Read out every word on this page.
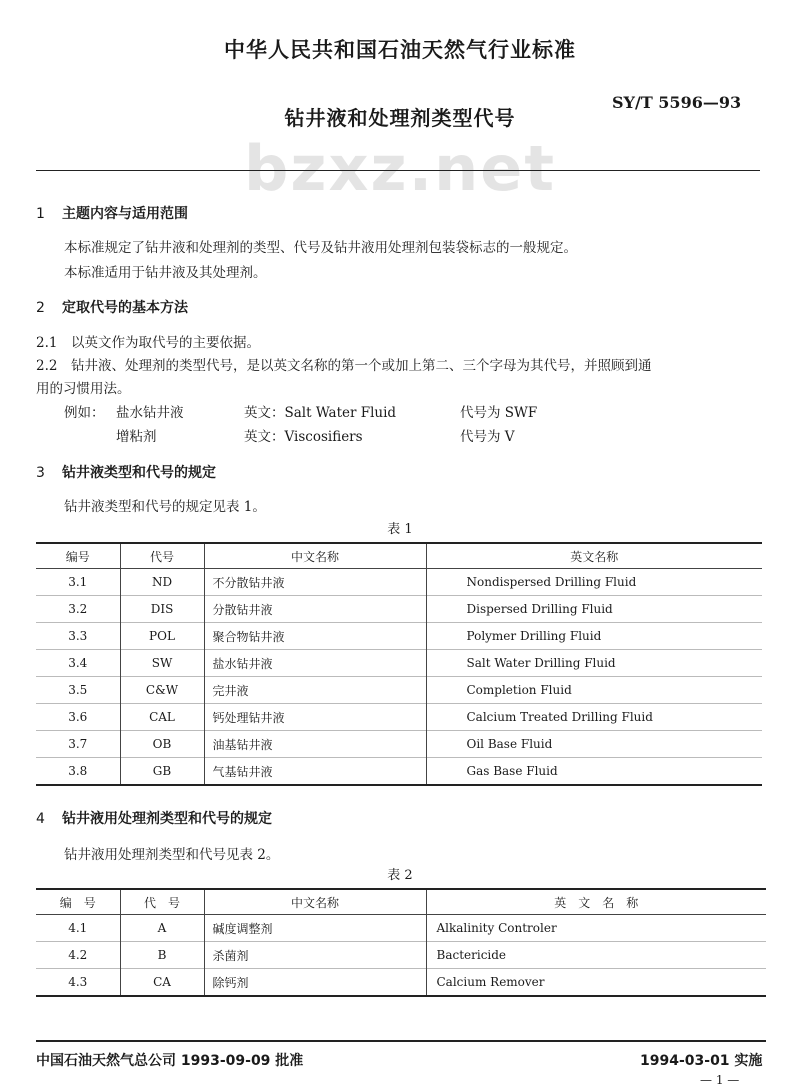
中华人民共和国石油天然气行业标准
钻井液和处理剂类型代号
SY/T 5596—93
bzxz.net
1 主题内容与适用范围
本标准规定了钻井液和处理剂的类型、代号及钻井液用处理剂包装袋标志的一般规定。
本标准适用于钻井液及其处理剂。
2 定取代号的基本方法
2.1　以英文作为取代号的主要依据。
2.2　钻井液、处理剂的类型代号，是以英文名称的第一个或加上第二、三个字母为其代号，并照顾到通
用的习惯用法。
例如： 盐水钻井液	英文：Salt Water Fluid	代号为 SWF
增粘剂	英文：Viscosifiers	代号为 V
3 钻井液类型和代号的规定
钻井液类型和代号的规定见表 1。
表 1
编号	代号	中文名称	英文名称
3.1	ND	不分散钻井液	Nondispersed Drilling Fluid
3.2	DIS	分散钻井液	Dispersed Drilling Fluid
3.3	POL	聚合物钻井液	Polymer Drilling Fluid
3.4	SW	盐水钻井液	Salt Water Drilling Fluid
3.5	C&W	完井液	Completion Fluid
3.6	CAL	钙处理钻井液	Calcium Treated Drilling Fluid
3.7	OB	油基钻井液	Oil Base Fluid
3.8	GB	气基钻井液	Gas Base Fluid
4 钻井液用处理剂类型和代号的规定
钻井液用处理剂类型和代号见表 2。
表 2
编　号	代　号	中文名称	英　文　名　称
4.1	A	碱度调整剂	Alkalinity Controler
4.2	B	杀菌剂	Bactericide
4.3	CA	除钙剂	Calcium Remover
中国石油天然气总公司 1993-09-09 批准	1994-03-01 实施
— 1 —
